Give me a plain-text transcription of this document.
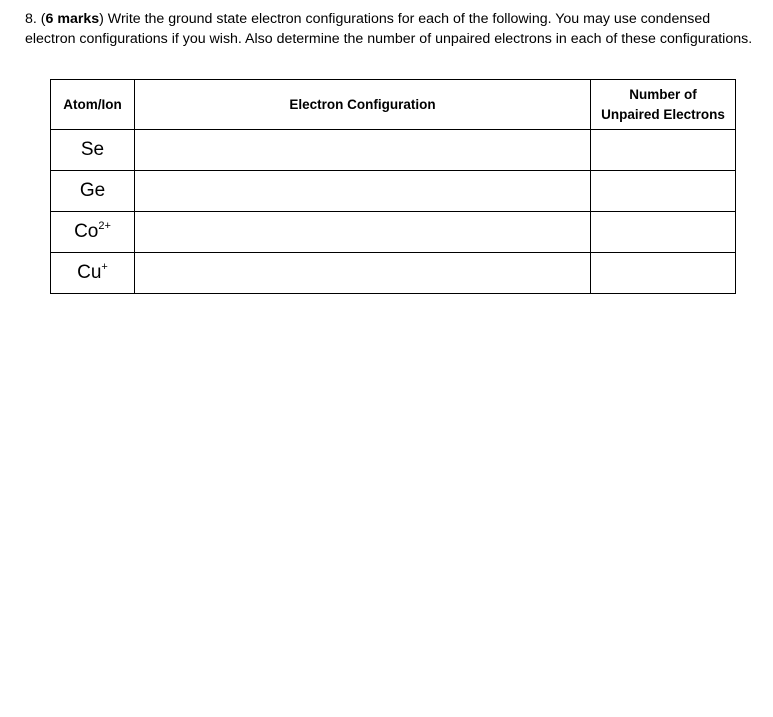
8. (6 marks) Write the ground state electron configurations for each of the following. You may use condensed electron configurations if you wish. Also determine the number of unpaired electrons in each of these configurations.
Atom/Ion	Electron Configuration	Number of
Unpaired Electrons

Se		
Ge		
$Co^{2+}$		
Cu+		
